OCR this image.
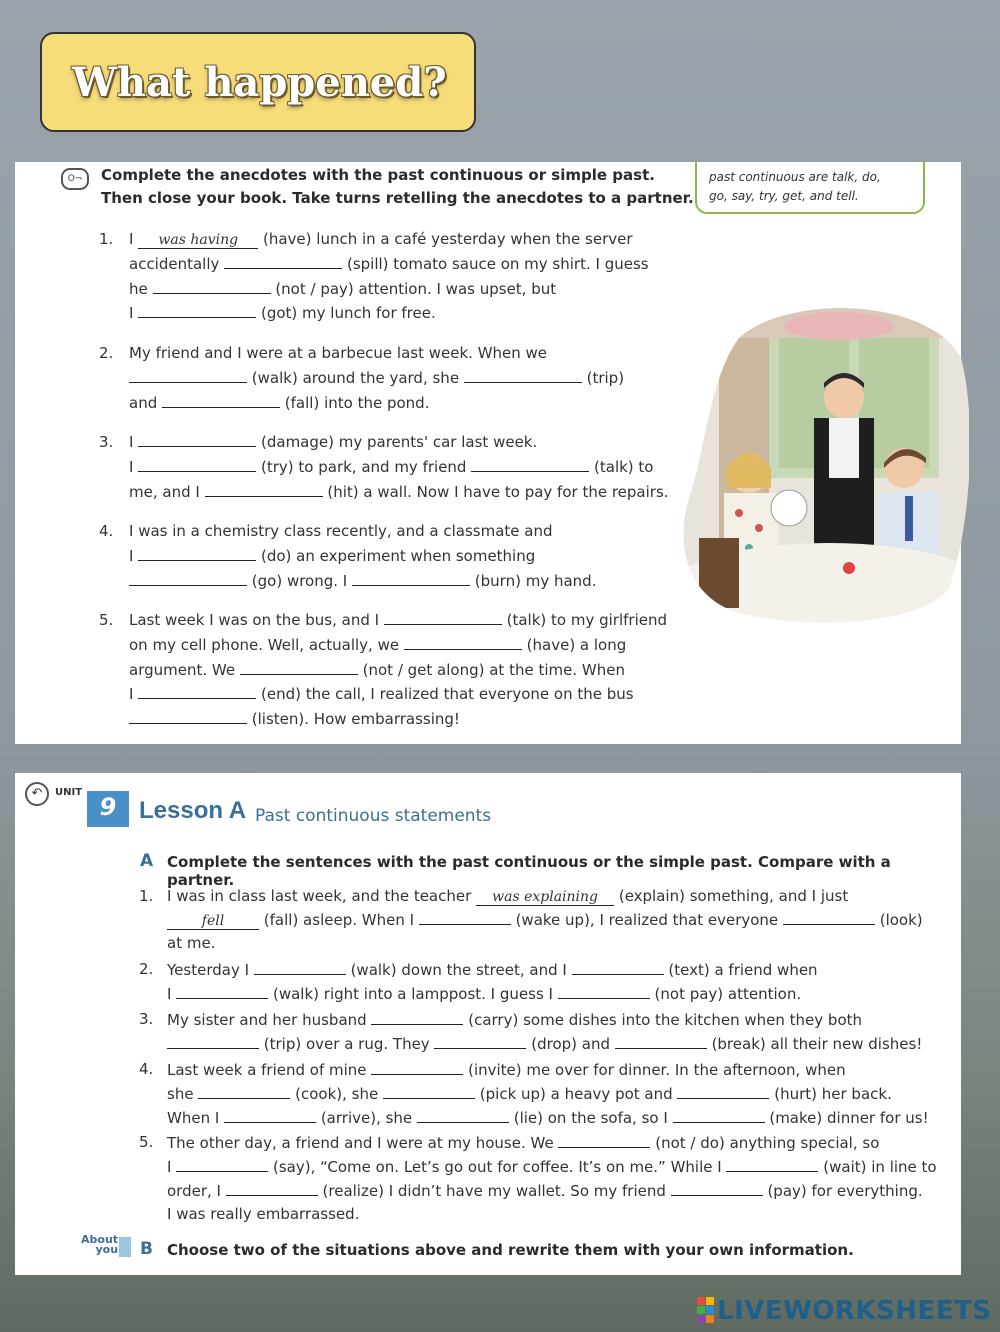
What happened?
O¬	Complete the anecdotes with the past continuous or simple past.
Then close your book. Take turns retelling the anecdotes to a partner.
past continuous are talk, do,
go, say, try, get, and tell.
1. I was having (have) lunch in a café yesterday when the server
accidentally	(spill) tomato sauce on my shirt. I guess
he	(not / pay) attention. I was upset, but
I	(got) my lunch for free.
2. My friend and I were at a barbecue last week. When we
(walk) around the yard, she	(trip)
and	(fall) into the pond.
3. I	(damage) my parents' car last week.
I	(try) to park, and my friend	(talk) to
me, and I	(hit) a wall. Now I have to pay for the repairs.
4. I was in a chemistry class recently, and a classmate and
I	(do) an experiment when something
(go) wrong. I	(burn) my hand.
5. Last week I was on the bus, and I	(talk) to my girlfriend
on my cell phone. Well, actually, we	(have) a long
argument. We	(not / get along) at the time. When
I	(end) the call, I realized that everyone on the bus
(listen). How embarrassing!
↶	UNIT
9 Lesson A Past continuous statements
A Complete the sentences with the past continuous or the simple past. Compare with a partner.
1. I was in class last week, and the teacher was explaining (explain) something, and I just
fell	(fall) asleep. When I	(wake up), I realized that everyone	(look)
at me.
2. Yesterday I	(walk) down the street, and I	(text) a friend when
I	(walk) right into a lamppost. I guess I	(not pay) attention.
3. My sister and her husband	(carry) some dishes into the kitchen when they both
(trip) over a rug. They	(drop) and	(break) all their new dishes!
4. Last week a friend of mine	(invite) me over for dinner. In the afternoon, when
she	(cook), she	(pick up) a heavy pot and	(hurt) her back.
When I	(arrive), she	(lie) on the sofa, so I	(make) dinner for us!
5. The other day, a friend and I were at my house. We	(not / do) anything special, so
I	(say), “Come on. Let’s go out for coffee. It’s on me.” While I	(wait) in line to
order, I	(realize) I didn’t have my wallet. So my friend	(pay) for everything.
I was really embarrassed.
About
you B Choose two of the situations above and rewrite them with your own information.
LIVEWORKSHEETS
